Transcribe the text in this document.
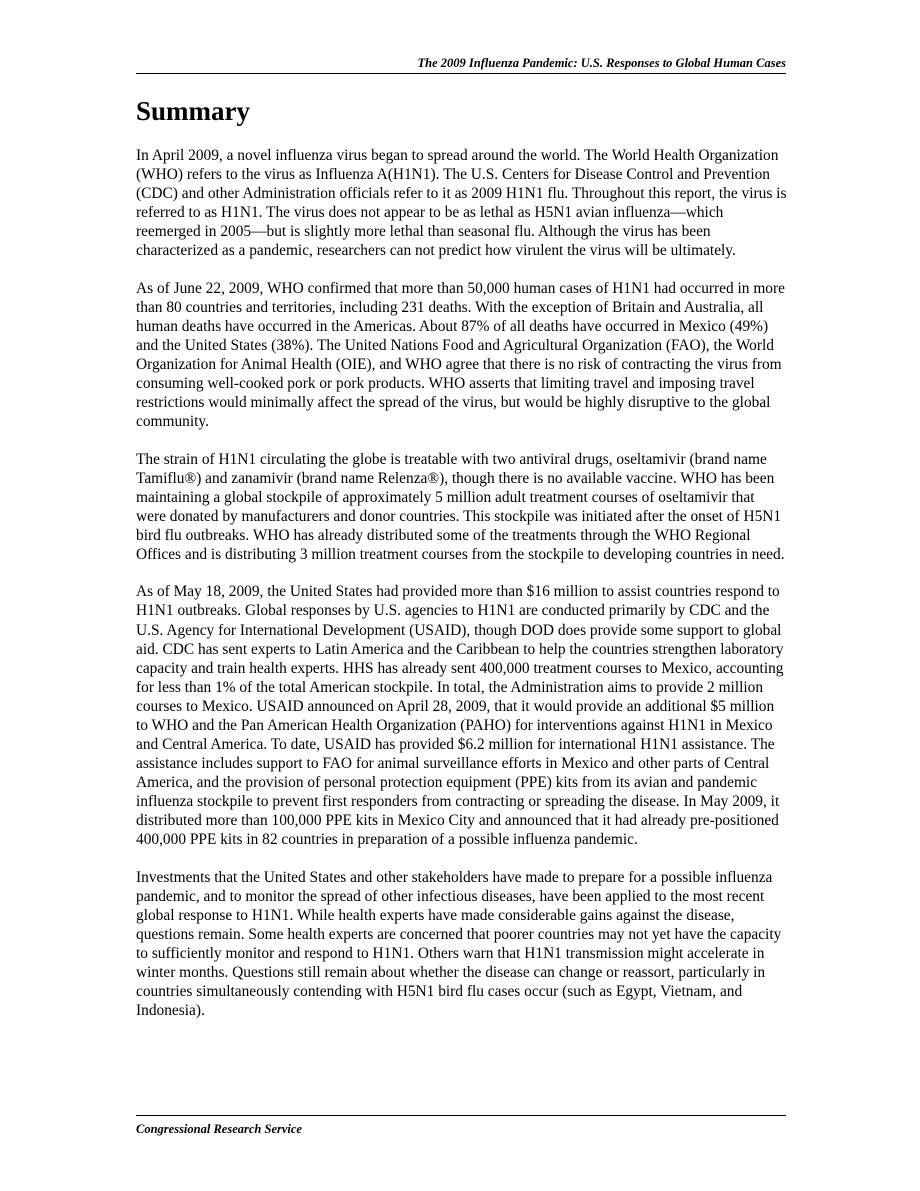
The 2009 Influenza Pandemic: U.S. Responses to Global Human Cases
Summary

In April 2009, a novel influenza virus began to spread around the world. The World Health Organization (WHO) refers to the virus as Influenza A(H1N1). The U.S. Centers for Disease Control and Prevention (CDC) and other Administration officials refer to it as 2009 H1N1 flu. Throughout this report, the virus is referred to as H1N1. The virus does not appear to be as lethal as H5N1 avian influenza—which reemerged in 2005—but is slightly more lethal than seasonal flu. Although the virus has been characterized as a pandemic, researchers can not predict how virulent the virus will be ultimately.

As of June 22, 2009, WHO confirmed that more than 50,000 human cases of H1N1 had occurred in more than 80 countries and territories, including 231 deaths. With the exception of Britain and Australia, all human deaths have occurred in the Americas. About 87% of all deaths have occurred in Mexico (49%) and the United States (38%). The United Nations Food and Agricultural Organization (FAO), the World Organization for Animal Health (OIE), and WHO agree that there is no risk of contracting the virus from consuming well-cooked pork or pork products. WHO asserts that limiting travel and imposing travel restrictions would minimally affect the spread of the virus, but would be highly disruptive to the global community.

The strain of H1N1 circulating the globe is treatable with two antiviral drugs, oseltamivir (brand name Tamiflu®) and zanamivir (brand name Relenza®), though there is no available vaccine. WHO has been maintaining a global stockpile of approximately 5 million adult treatment courses of oseltamivir that were donated by manufacturers and donor countries. This stockpile was initiated after the onset of H5N1 bird flu outbreaks. WHO has already distributed some of the treatments through the WHO Regional Offices and is distributing 3 million treatment courses from the stockpile to developing countries in need.

As of May 18, 2009, the United States had provided more than $16 million to assist countries respond to H1N1 outbreaks. Global responses by U.S. agencies to H1N1 are conducted primarily by CDC and the U.S. Agency for International Development (USAID), though DOD does provide some support to global aid. CDC has sent experts to Latin America and the Caribbean to help the countries strengthen laboratory capacity and train health experts. HHS has already sent 400,000 treatment courses to Mexico, accounting for less than 1% of the total American stockpile. In total, the Administration aims to provide 2 million courses to Mexico. USAID announced on April 28, 2009, that it would provide an additional $5 million to WHO and the Pan American Health Organization (PAHO) for interventions against H1N1 in Mexico and Central America. To date, USAID has provided $6.2 million for international H1N1 assistance. The assistance includes support to FAO for animal surveillance efforts in Mexico and other parts of Central America, and the provision of personal protection equipment (PPE) kits from its avian and pandemic influenza stockpile to prevent first responders from contracting or spreading the disease. In May 2009, it distributed more than 100,000 PPE kits in Mexico City and announced that it had already pre-positioned 400,000 PPE kits in 82 countries in preparation of a possible influenza pandemic.

Investments that the United States and other stakeholders have made to prepare for a possible influenza pandemic, and to monitor the spread of other infectious diseases, have been applied to the most recent global response to H1N1. While health experts have made considerable gains against the disease, questions remain. Some health experts are concerned that poorer countries may not yet have the capacity to sufficiently monitor and respond to H1N1. Others warn that H1N1 transmission might accelerate in winter months. Questions still remain about whether the disease can change or reassort, particularly in countries simultaneously contending with H5N1 bird flu cases occur (such as Egypt, Vietnam, and Indonesia).

Congressional Research Service
